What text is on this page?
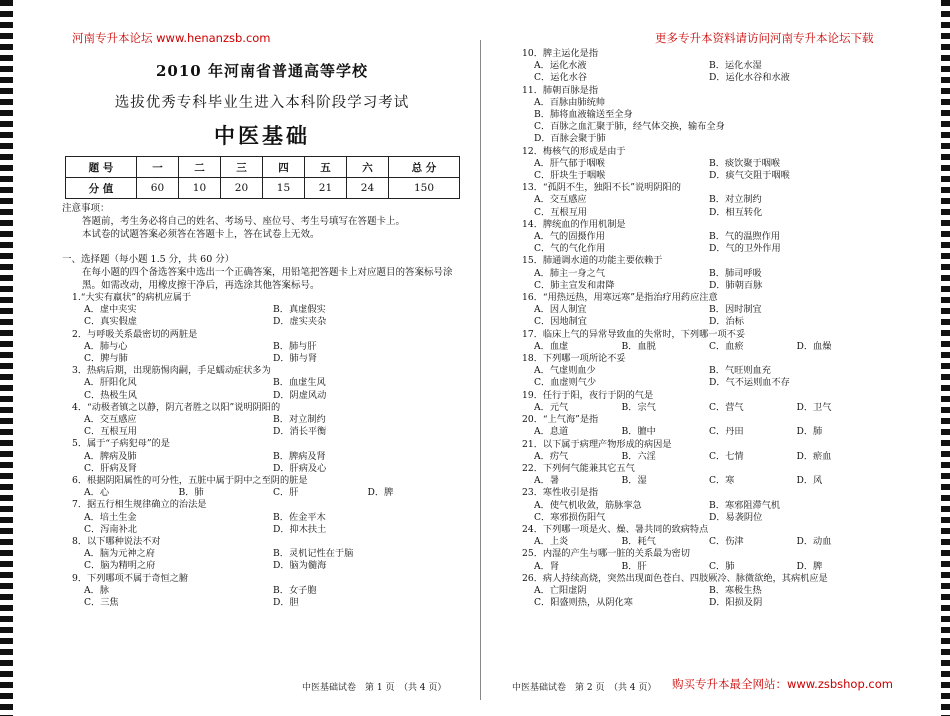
河南专升本论坛 www.henanzsb.com	更多专升本资料请访问河南专升本论坛下载
2010 年河南省普通高等学校
选拔优秀专科毕业生进入本科阶段学习考试
中医基础
题 号	一	二	三	四	五	六	总 分
分 值	60	10	20	15	21	24	150
注意事项：
答题前，考生务必将自己的姓名、考场号、座位号、考生号填写在答题卡上。
本试卷的试题答案必须答在答题卡上，答在试卷上无效。
一、选择题（每小题 1.5 分，共 60 分）
在每小题的四个备选答案中选出一个正确答案，用铅笔把答题卡上对应题目的答案标号涂黑。如需改动，用橡皮擦干净后，再选涂其他答案标号。
1.“大实有羸状”的病机应属于
A．虚中夹实	B．真虚假实
C．真实假虚	D．虚实夹杂
2．与呼吸关系最密切的两脏是
A．肺与心	B．肺与肝
C．脾与肺	D．肺与肾
3．热病后期，出现筋惕肉嗣，手足蠕动症状多为
A．肝阳化风	B．血虚生风
C．热极生风	D．阴虚风动
4．“动极者镇之以静，阴亢者胜之以阳”说明阴阳的
A．交互感应	B．对立制约
C．互根互用	D．消长平衡
5．属于“子病犯母”的是
A．脾病及肺	B．脾病及肾
C．肝病及肾	D．肝病及心
6．根据阴阳属性的可分性，五脏中属于阴中之至阴的脏是
A．心	B．肺	C．肝	D．脾
7．据五行相生规律确立的治法是
A．培土生金	B．佐金平木
C．泻南补北	D．抑木扶土
8．以下哪种说法不对
A．脑为元神之府	B．灵机记性在于脑
C．脑为精明之府	D．脑为髓海
9．下列哪项不属于奇恒之腑
A．脉	B．女子胞
C．三焦	D．胆
10．脾主运化是指
A．运化水液	B．运化水湿
C．运化水谷	D．运化水谷和水液
11．肺朝百脉是指
A．百脉由肺统帅
B．肺将血液输送至全身
C．百脉之血汇聚于肺，经气体交换，输布全身
D．百脉会聚于肺
12．梅核气的形成是由于
A．肝气郁于咽喉	B．痰饮聚于咽喉
C．肝块生于咽喉	D．痰气交阻于咽喉
13．“孤阴不生，独阳不长”说明阴阳的
A．交互感应	B．对立制约
C．互根互用	D．相互转化
14．脾统血的作用机制是
A．气的固摄作用	B．气的温煦作用
C．气的气化作用	D．气的卫外作用
15．肺通调水道的功能主要依赖于
A．肺主一身之气	B．肺司呼吸
C．肺主宣发和肃降	D．肺朝百脉
16．“用热远热，用寒远寒”是指治疗用药应注意
A．因人制宜	B．因时制宜
C．因地制宜	D．治标
17．临床上气的异常导致血的失常时，下列哪一项不妥
A．血虚	B．血脱	C．血瘀	D．血燥
18．下列哪一项所论不妥
A．气虚则血少	B．气旺则血充
C．血虚则气少	D．气不运则血不存
19．任行于阳，夜行于阴的气是
A．元气	B．宗气	C．营气	D．卫气
20．“上气海”是指
A．息道	B．膻中	C．丹田	D．肺
21．以下属于病理产物形成的病因是
A．疠气	B．六淫	C．七情	D．瘀血
22．下列何气能兼其它五气
A．暑	B．湿	C．寒	D．风
23．寒性收引是指
A．使气机收敛，筋脉挛急	B．寒邪阻滞气机
C．寒邪损伤阳气	D．易袭阴位
24．下列哪一项是火、燥、暑共同的致病特点
A．上炎	B．耗气	C．伤津	D．动血
25．内湿的产生与哪一脏的关系最为密切
A．肾	B．肝	C．肺	D．脾
26．病人持续高烧，突然出现面色苍白、四肢厥冷、脉微欲绝，其病机应是
A．亡阳虚阴	B．寒极生热
C．阳盛则热，从阴化寒	D．阳损及阴
中医基础试卷　第 1 页　（共 4 页）	中医基础试卷　第 2 页　（共 4 页） 购买专升本最全网站：www.zsbshop.com
